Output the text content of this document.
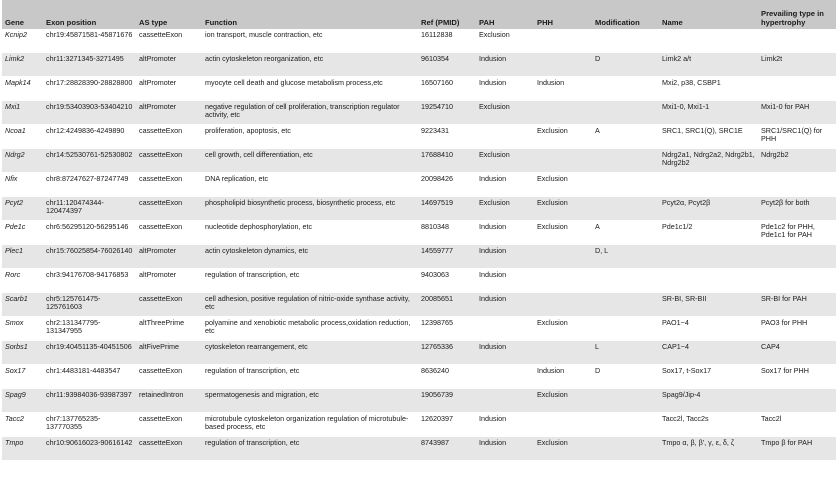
Gene	Exon position	AS type	Function	Ref (PMID)	PAH	PHH	Modification	Name	Prevailing type in hypertrophy

Kcnip2	chr19:45871581-45871676	cassetteExon	ion transport, muscle contraction, etc	16112838	Exclusion				

Limk2	chr11:3271345-3271495	altPromoter	actin cytoskeleton reorganization, etc	9610354	Indusion		D	Limk2 a/t	Limk2t

Mapk14	chr17:28828390-28828800	altPromoter	myocyte cell death and glucose metabolism process,etc	16507160	Indusion	Indusion		Mxi2, p38, CSBP1	

Mxi1	chr19:53403903-53404210	altPromoter	negative regulation of cell proliferation, transcription regulator activity, etc	19254710	Exclusion			Mxi1-0, Mxi1-1	Mxi1-0 for PAH

Ncoa1	chr12:4249836-4249890	cassetteExon	proliferation, apoptosis, etc	9223431		Exclusion	A	SRC1, SRC1(Q), SRC1E	SRC1/SRC1(Q) for PHH

Ndrg2	chr14:52530761-52530802	cassetteExon	cell growth, cell differentiation, etc	17688410	Exclusion			Ndrg2a1, Ndrg2a2, Ndrg2b1, Ndrg2b2	Ndrg2b2

Nfix	chr8:87247627-87247749	cassetteExon	DNA replication, etc	20098426	Indusion	Exclusion			

Pcyt2	chr11:120474344-120474397	cassetteExon	phospholipid biosynthetic process, biosynthetic process, etc	14697519	Exclusion	Exclusion		Pcyt2α, Pcyt2β	Pcyt2β for both

Pde1c	chr6:56295120-56295146	cassetteExon	nucleotide dephosphorylation, etc	8810348	Indusion	Exclusion	A	Pde1c1/2	Pde1c2 for PHH, Pde1c1 for PAH

Plec1	chr15:76025854-76026140	altPromoter	actin cytoskeleton dynamics, etc	14559777	Indusion		D, L		

Rorc	chr3:94176708-94176853	altPromoter	regulation of transcription, etc	9403063	Indusion				

Scarb1	chr5:125761475-125761603	cassetteExon	cell adhesion, positive regulation of nitric-oxide synthase activity, etc	20085651	Indusion			SR-BI, SR-BII	SR-BI for PAH

Smox	chr2:131347795-131347955	altThreePrime	polyamine and xenobiotic metabolic process,oxidation reduction, etc	12398765		Exclusion		PAO1~4	PAO3 for PHH

Sorbs1	chr19:40451135-40451506	altFivePrime	cytoskeleton rearrangement, etc	12765336	Indusion		L	CAP1~4	CAP4

Sox17	chr1:4483181-4483547	cassetteExon	regulation of transcription, etc	8636240		Indusion	D	Sox17, t-Sox17	Sox17 for PHH

Spag9	chr11:93984036-93987397	retainedIntron	spermatogenesis and migration, etc	19056739		Exclusion		Spag9/Jip-4	

Tacc2	chr7:137765235-137770355	cassetteExon	microtubule cytoskeleton organization regulation of microtubule-based process, etc	12620397	Indusion			Tacc2l, Tacc2s	Tacc2l

Tmpo	chr10:90616023-90616142	cassetteExon	regulation of transcription, etc	8743987	Indusion	Exclusion		Tmpo α, β, β', γ, ε, δ, ζ	Tmpo β for PAH
